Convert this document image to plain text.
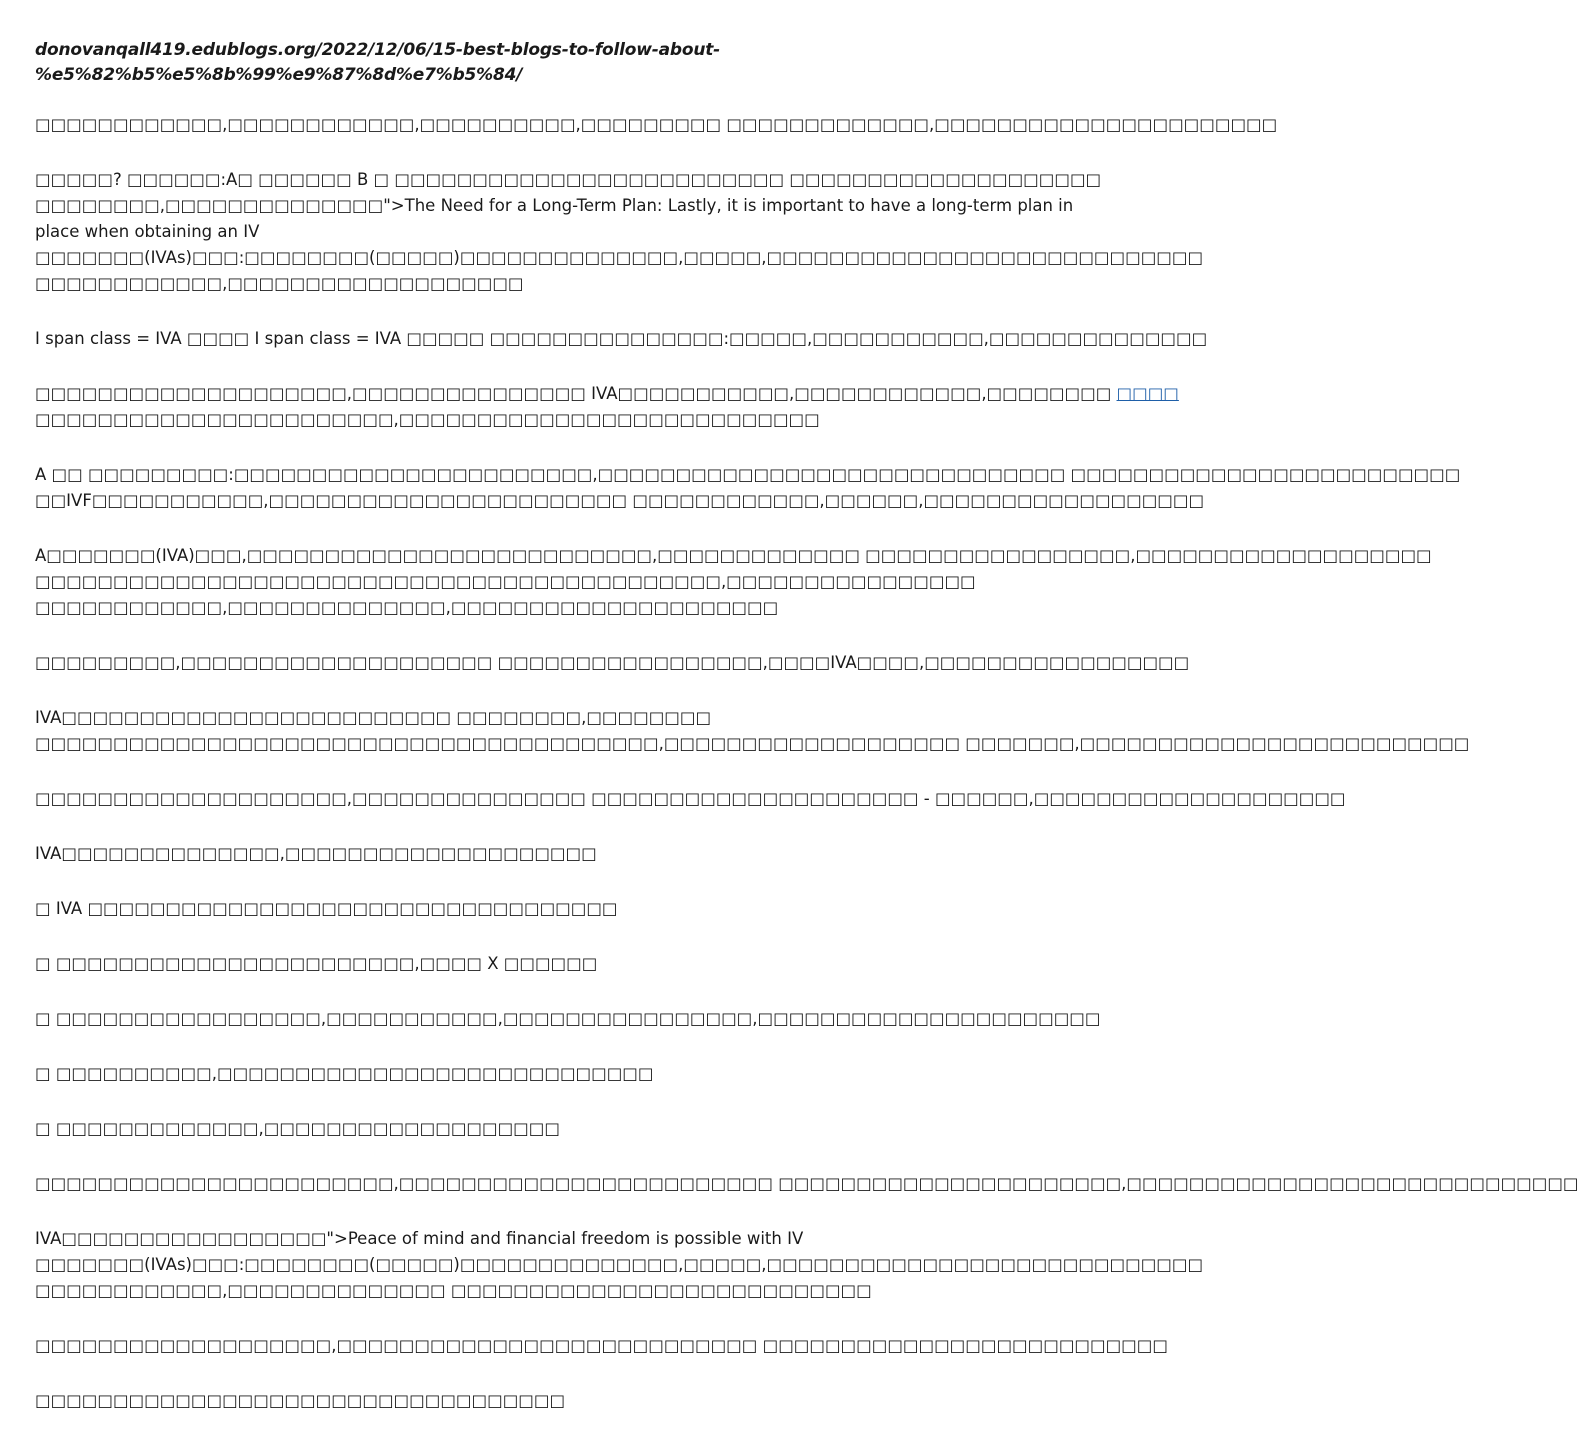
donovanqall419.edublogs.org/2022/12/06/15-best-blogs-to-follow-about-%e5%82%b5%e5%8b%99%e9%87%8d%e7%b5%84/
□□□□□□□□□□□□,□□□□□□□□□□□□,□□□□□□□□□□,□□□□□□□□□ □□□□□□□□□□□□□,□□□□□□□□□□□□□□□□□□□□□□
□□□□□? □□□□□□:A□ □□□□□□ B □ □□□□□□□□□□□□□□□□□□□□□□□□□ □□□□□□□□□□□□□□□□□□□□
□□□□□□□□,□□□□□□□□□□□□□□">The Need for a Long-Term Plan: Lastly, it is important to have a long-term plan in
place when obtaining an IV
□□□□□□□(IVAs)□□□:□□□□□□□□(□□□□□)□□□□□□□□□□□□□□,□□□□□,□□□□□□□□□□□□□□□□□□□□□□□□□□□□
□□□□□□□□□□□□,□□□□□□□□□□□□□□□□□□□
I span class = IVA □□□□ I span class = IVA □□□□□ □□□□□□□□□□□□□□□:□□□□□,□□□□□□□□□□□,□□□□□□□□□□□□□□
□□□□□□□□□□□□□□□□□□□□,□□□□□□□□□□□□□□□ IVA□□□□□□□□□□□,□□□□□□□□□□□□,□□□□□□□□ □□□□
□□□□□□□□□□□□□□□□□□□□□□□,□□□□□□□□□□□□□□□□□□□□□□□□□□□
A □□ □□□□□□□□□:□□□□□□□□□□□□□□□□□□□□□□□,□□□□□□□□□□□□□□□□□□□□□□□□□□□□□□ □□□□□□□□□□□□□□□□□□□□□□□□□
□□IVF□□□□□□□□□□□,□□□□□□□□□□□□□□□□□□□□□□□ □□□□□□□□□□□□,□□□□□□,□□□□□□□□□□□□□□□□□□
A□□□□□□□(IVA)□□□,□□□□□□□□□□□□□□□□□□□□□□□□□□,□□□□□□□□□□□□□ □□□□□□□□□□□□□□□□□,□□□□□□□□□□□□□□□□□□□
□□□□□□□□□□□□□□□□□□□□□□□□□□□□□□□□□□□□□□□□□□□□,□□□□□□□□□□□□□□□□
□□□□□□□□□□□□,□□□□□□□□□□□□□□,□□□□□□□□□□□□□□□□□□□□□
□□□□□□□□□,□□□□□□□□□□□□□□□□□□□□ □□□□□□□□□□□□□□□□□,□□□□IVA□□□□,□□□□□□□□□□□□□□□□□
IVA□□□□□□□□□□□□□□□□□□□□□□□□□ □□□□□□□□,□□□□□□□□
□□□□□□□□□□□□□□□□□□□□□□□□□□□□□□□□□□□□□□□□,□□□□□□□□□□□□□□□□□□□ □□□□□□□,□□□□□□□□□□□□□□□□□□□□□□□□□
□□□□□□□□□□□□□□□□□□□□,□□□□□□□□□□□□□□□ □□□□□□□□□□□□□□□□□□□□□ - □□□□□□,□□□□□□□□□□□□□□□□□□□□
IVA□□□□□□□□□□□□□□,□□□□□□□□□□□□□□□□□□□□
□ IVA □□□□□□□□□□□□□□□□□□□□□□□□□□□□□□□□□□
□ □□□□□□□□□□□□□□□□□□□□□□□,□□□□ X □□□□□□
□ □□□□□□□□□□□□□□□□□,□□□□□□□□□□□,□□□□□□□□□□□□□□□□,□□□□□□□□□□□□□□□□□□□□□□
□ □□□□□□□□□□,□□□□□□□□□□□□□□□□□□□□□□□□□□□□
□ □□□□□□□□□□□□□,□□□□□□□□□□□□□□□□□□□
□□□□□□□□□□□□□□□□□□□□□□□,□□□□□□□□□□□□□□□□□□□□□□□□ □□□□□□□□□□□□□□□□□□□□□□,□□□□□□□□□□□□□□□□□□□□□□□□□□□□□
IVA□□□□□□□□□□□□□□□□□">Peace of mind and financial freedom is possible with IV
□□□□□□□(IVAs)□□□:□□□□□□□□(□□□□□)□□□□□□□□□□□□□□,□□□□□,□□□□□□□□□□□□□□□□□□□□□□□□□□□□
□□□□□□□□□□□□,□□□□□□□□□□□□□□ □□□□□□□□□□□□□□□□□□□□□□□□□□□
□□□□□□□□□□□□□□□□□□□,□□□□□□□□□□□□□□□□□□□□□□□□□□□ □□□□□□□□□□□□□□□□□□□□□□□□□□
□□□□□□□□□□□□□□□□□□□□□□□□□□□□□□□□□□
